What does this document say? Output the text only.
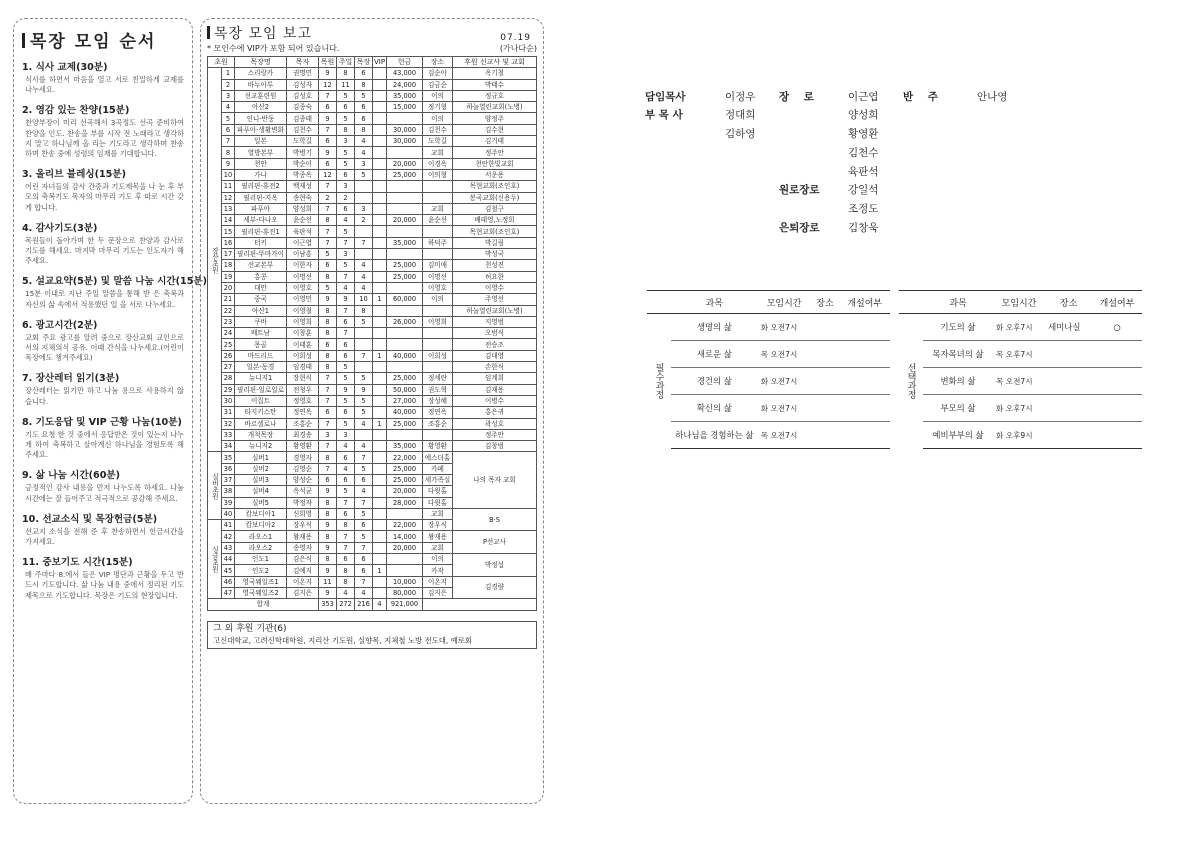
목장 모임 순서
1. 식사 교제(30분)
식사를 하면서 마음을 열고 서로 친밀하게 교제를 나누세요.
2. 영감 있는 찬양(15분)
찬양부장이 미리 선곡해서 3곡정도 선곡 준비하여 찬양을 인도. 찬송을 부를 시작 전 노래라고 생각하지 말고 하나님께 올 리는 기도라고 생각하며 찬송하며 찬송 중에 성령의 임재를 기대합니다.
3. 올리브 블레싱(15분)
어린 자녀들의 감사 간증과 기도제목을 나 눈 후 부모의 축복기도 목자의 마무리 기도 후 따로 시간 갖게 합니다.
4. 감사기도(3분)
목원들이 돌아가며 한 두 문장으로 찬양과 감사로 기도를 해세요. 마지막 마무리 기도는 인도자가 해주세요.
5. 설교요약(5분) 및 말씀 나눔 시간(15분)
15분 이내로 지난 주일 말씀을 통해 받 은 축복과 자신의 삶 속에서 적용했던 일 을 서로 나누세요.
6. 광고시간(2분)
교회 주요 광고를 알려 줌으로 장산교회 교인으로서의 지체의식 공유. 이때 간식을 나누세요.(어린이 목장에도 챙겨주세요)
7. 장산레터 읽기(3분)
장산레터는 읽기만 하고 나눔 용으로 사용하지 않습니다.
8. 기도응답 및 VIP 근황 나눔(10분)
기도 요청 한 것 중에서 응답받은 것이 있는지 나누게 하여 축복하고 살아계신 하나님을 경험토록 해주세요.
9. 삶 나눔 시간(60분)
긍정적인 감사 내용을 먼저 나누도록 하세요. 나눔 시간에는 잘 들어주고 적극적으로 공감해 주세요.
10. 선교소식 및 목장헌금(5분)
선교지 소식을 전해 준 후 찬송하면서 헌금시간을 가지세요.
11. 중보기도 시간(15분)
매 주마다 8.에서 들은 VIP 명단과 근황을 두고 반드시 기도합니다. 삶 나눔 내용 중에서 정리된 기도제목으로 기도합니다. 목장은 기도의 현장입니다.
목장 모임 보고	07.19
* 모인수에 VIP가 포함 되어 있습니다.	(가나다순)
초원		목장명	목자	목원	주일	목장	VIP	헌금	장소	후원 선교사 및 교회
장산초원	1	스리랑카	권명민	9	8	6		43,000	김순아	옥기철
	2	바누아투	김성자	12	11	8		24,000	김금순	박태수
	3	선교훈련원	김성호	7	5	5		35,000	이의	정규호
	4	아산2	김종숙	6	6	6		15,000	정기형	하늘열린교회(노병)
	5	인니-반둥	김종태	9	5	6			이의	양정주
	6	파푸아-생활변화	김천수	7	8	8		30,000	김천수	김수현
	7	일본	도학길	6	3	4		30,000	도학길	김기태
	8	열방본부	박병기	9	5	4			교회	정주안
	9	천안	박순이	6	5	3		20,000	이경옥	천안한빛교회
	10	가나	박종옥	12	6	5		25,000	이의형	서운용
	11	필리핀-휴전2	백재성	7	3					목현교회(조인호)
	12	필리핀-지옥	송현숙	2	2					봉곡교회(신용두)
	13	파푸아	양성희	7	6	3			교회	김철구
	14	세부-다나오	윤순선	8	4	2		20,000	윤순선	배태영,노정희
	15	필리핀-휴전1	육판석	7	5					목현교회(조인호)
	16	터키	이근엽	7	7	7		35,000	하덕주	박길림
	17	필리핀-뚜마가이	이남흥	5	3					박성국
	18	선교본부	이한자	6	5	4		25,000	김미애	천성진
	19	홍콩	이명선	8	7	4		25,000	이명선	허요한
	20	대만	이영호	5	4	4			이영호	이영수
	21	중국	이영민	9	9	10	1	60,000	이의	주영선
	22	아산1	이영철	8	7	8				하늘열린교회(노병)
	23	쿠바	이영희	8	6	5		26,000	이영희	지영범
	24	베트남	이창훈	8	7					오범식
	25	몽골	이태훈	6	6					전승조
	26	마드리드	이희성	8	6	7	1	40,000	이희성	김대영
	27	일본-동경	임경태	8	5					손한식
	28	뉴니지1	장현식	7	5	5		25,000	정세란	임계희
	29	필리핀-일로일로	전청우	7	9	9		50,000	권도혁	김재용
	30	이집트	정영호	7	5	5		27,000	장성혜	이병수
	31	타지키스탄	정연옥	6	6	5		40,000	정연옥	홍은귀
	32	바르셀로나	조홍순	7	5	4	1	25,000	조홍순	곽성호
	33	개척목장	최경송	3	3					정주안
	34	뉴니지2	황영환	7	4	4		35,000	황영환	김창범
실버초원	35	실버1	경영자	8	6	7		22,000	에스더홀	나의 목자 교회
	36	실버2	김영순	7	4	5		25,000	카페	
	37	실버3	양성순	6	6	6		25,000	세가족실	
	38	실버4	옥석균	9	5	4		20,000	다윗홀	
	39	실버5	박정자	8	7	7		28,000	다윗홀	
	40	캄보디아1	신희영	8	6	5			교회	B·S
싱글초원	41	캄보디아2	장우식	9	8	6		22,000	장우식	
	42	라오스1	왕재용	8	7	5		14,000	왕재용	P선교사
	43	라오스2	송영자	9	7	7		20,000	교회	
	44	인도1	김은식	8	6	6			이의	박정섭
	45	인도2	김예지	9	8	6	1		카작	
	46	영국웨일즈1	이온지	11	8	7		10,000	이온지	김경량
	47	영국웨일즈2	김지은	9	4	4		80,000	김지은	
합계				353	272	216	4	921,000		
그 외 후원 기관(6)
고신대학교, 고려신학대학원, 지리산 기도원, 실향목, 지체철 노방 전도대, 예로회
담임목사	이정우
부 목 사	정대희
김하영
장    로	이근엽
양성희
황영환
김천수
육판석
반    주	안나영
원로장로	강일석
조정도
은퇴장로	김창욱
	과목	모임시간	장소	개설여부
필수과정	생명의 삶	화 오전7시		
	새로운 삶	목 오전7시		
	경건의 삶	화 오전7시		
	확신의 삶	화 오전7시		
	하나님을 경험하는 삶	목 오전7시		
	과목	모임시간	장소	개설여부
선택과정	기도의 삶	화 오후7시	세미나실	○
	목자목녀의 삶	목 오후7시		
	변화의 삶	목 오전7시		
	부모의 삶	화 오후7시		
	예비부부의 삶	화 오후9시		
